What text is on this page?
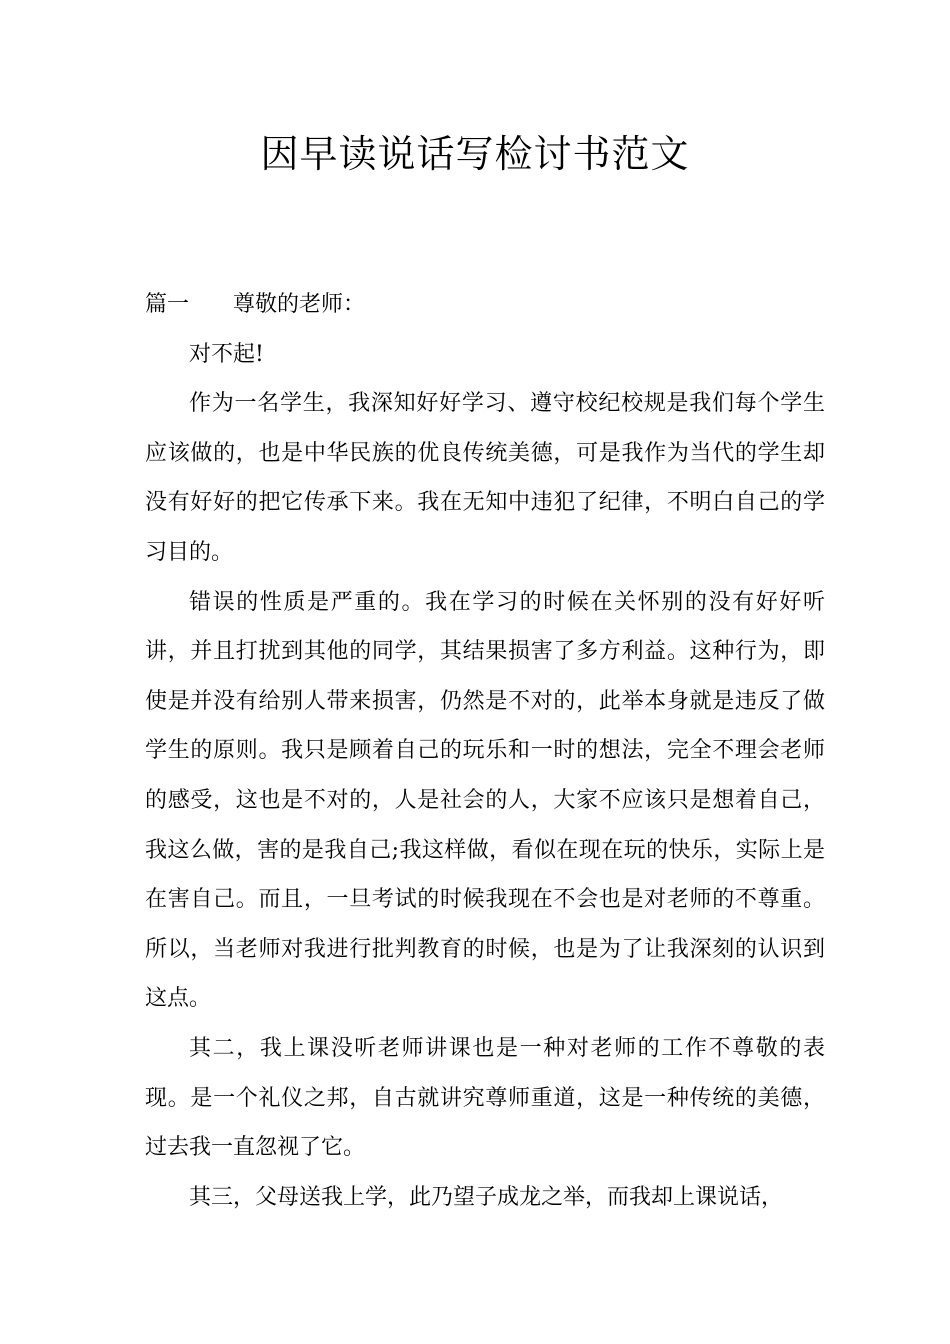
因早读说话写检讨书范文

篇一 尊敬的老师：

对不起!

作为一名学生，我深知好好学习、遵守校纪校规是我们每个学生应该做的，也是中华民族的优良传统美德，可是我作为当代的学生却没有好好的把它传承下来。我在无知中违犯了纪律，不明白自己的学习目的。

错误的性质是严重的。我在学习的时候在关怀别的没有好好听讲，并且打扰到其他的同学，其结果损害了多方利益。这种行为，即使是并没有给别人带来损害，仍然是不对的，此举本身就是违反了做学生的原则。我只是顾着自己的玩乐和一时的想法，完全不理会老师的感受，这也是不对的，人是社会的人，大家不应该只是想着自己，我这么做，害的是我自己;我这样做，看似在现在玩的快乐，实际上是在害自己。而且，一旦考试的时候我现在不会也是对老师的不尊重。所以，当老师对我进行批判教育的时候，也是为了让我深刻的认识到这点。

其二，我上课没听老师讲课也是一种对老师的工作不尊敬的表现。是一个礼仪之邦，自古就讲究尊师重道，这是一种传统的美德，过去我一直忽视了它。

其三，父母送我上学，此乃望子成龙之举，而我却上课说话，
